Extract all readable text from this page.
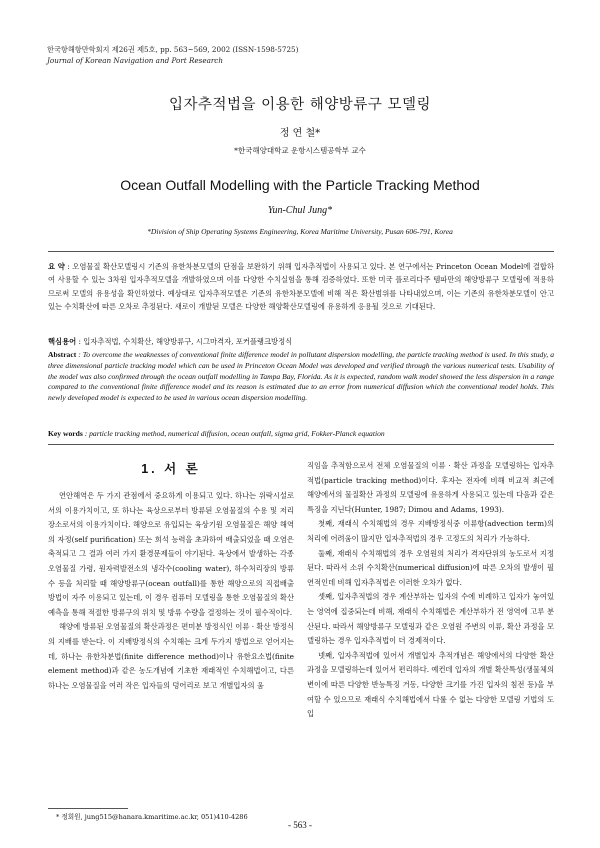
한국항해항만학회지 제26권 제5호, pp. 563~569, 2002 (ISSN-1598-5725)
Journal of Korean Navigation and Port Research
입자추적법을 이용한 해양방류구 모델링
정 연 철*
*한국해양대학교 운항시스템공학부 교수
Ocean Outfall Modelling with the Particle Tracking Method
Yun-Chul Jung*
*Division of Ship Operating Systems Engineering, Korea Maritime University, Pusan 606-791, Korea
요 약 : 오염물질 확산모델링시 기존의 유한차분모델의 단점을 보완하기 위해 입자추적법이 사용되고 있다. 본 연구에서는 Princeton Ocean Model에 결합하여 사용할 수 있는 3차원 입자추적모델을 개발하였으며 이를 다양한 수치실험을 통해 검증하였다. 또한 미국 플로리다주 템파만의 해양방류구 모델링에 적용하므로써 모델의 유용성을 확인하였다. 예상대로 입자추적모델은 기존의 유한차분모델에 비해 적은 확산범위를 나타내었으며, 이는 기존의 유한차분모델이 안고 있는 수치확산에 따른 오차로 추정된다. 새로이 개발된 모델은 다양한 해양확산모델링에 유용하게 응용될 것으로 기대된다.
핵심용어 : 입자추적법, 수치확산, 해양방류구, 시그마격자, 포커플랭크방정식
Abstract : To overcome the weaknesses of conventional finite difference model in pollutant dispersion modelling, the particle tracking method is used. In this study, a three dimensional particle tracking model which can be used in Princeton Ocean Model was developed and verified through the various numerical tests. Usability of the model was also confirmed through the ocean outfall modelling in Tampa Bay, Florida. As it is expected, random walk model showed the less dispersion in a range compared to the conventional finite difference model and its reason is estimated due to an error from numerical diffusion which the conventional model holds. This newly developed model is expected to be used in various ocean dispersion modelling.
Key words : particle tracking method, numerical diffusion, ocean outfall, sigma grid, Fokker-Planck equation
1. 서 론

연안해역은 두 가지 관점에서 중요하게 이용되고 있다. 하나는 위락시설로서의 이용가치이고, 또 하나는 육상으로부터 방류된 오염물질의 수용 및 저리장소로서의 이용가치이다. 해양으로 유입되는 육상기원 오염물질은 해양 해역의 자정(self purification) 또는 희석 능력을 초과하여 배출되었을 때 오염은 축적되고 그 결과 여러 가지 환경문제들이 야기된다. 육상에서 발생하는 각종 오염물질 가령, 원자력발전소의 냉각수(cooling water), 하수처리장의 방류수 등을 처리할 때 해양방류구(ocean outfall)를 통한 해양으로의 직접배출 방법이 자주 이용되고 있는데, 이 경우 컴퓨터 모델링을 통한 오염물질의 확산예측을 통해 적절한 방류구의 위치 및 방류 수량을 결정하는 것이 필수적이다.

해양에 방류된 오염물질의 확산과정은 편미분 방정식인 이류 · 확산 방정식의 지배를 받는다. 이 지배방정식의 수치해는 크게 두가지 방법으로 얻어지는데, 하나는 유한차분법(finite difference method)이나 유한요소법(finite element method)과 같은 농도개념에 기초한 재래적인 수치해법이고, 다른 하나는 오염물질을 여러 작은 입자들의 덩어리로 보고 개별입자의 움

직임을 추적함으로서 전체 오염물질의 이류 · 확산 과정을 모델링하는 입자추적법(particle tracking method)이다. 후자는 전자에 비해 비교적 최근에 해양에서의 물질확산 과정의 모델링에 유용하게 사용되고 있는데 다음과 같은 특징을 지닌다(Hunter, 1987; Dimou and Adams, 1993).

첫째, 재래식 수치해법의 경우 지배방정식중 이류항(advection term)의 처리에 어려움이 많지만 입자추적법의 경우 고정도의 처리가 가능하다.

둘째, 재래식 수치해법의 경우 오염원의 처리가 격자단위의 농도로서 지정된다. 따라서 소위 수치확산(numerical diffusion)에 따른 오차의 발생이 필연적인데 비해 입자추적법은 이러한 오차가 없다.

셋째, 입자추적법의 경우 계산부하는 입자의 수에 비례하고 입자가 놓여있는 영역에 집중되는데 비해, 재래식 수치해법은 계산부하가 전 영역에 고루 분산된다. 따라서 해양방류구 모델링과 같은 오염원 주변의 이류, 확산 과정을 모델링하는 경우 입자추적법이 더 경제적이다.

넷째, 입자추적법에 있어서 개별입자 추적개념은 해양에서의 다양한 확산과정을 모델링하는데 있어서 편리하다. 예컨데 입자의 개별 확산특성(생물체의 변이에 따른 다양한 반능특징 거동, 다양한 크기를 가진 입자의 침전 등)을 부여할 수 있으므로 재래식 수치해법에서 다룰 수 없는 다양한 모델링 기법의 도입

* 정회원, jung515@hanara.kmaritime.ac.kr, 051)410-4286
- 563 -
